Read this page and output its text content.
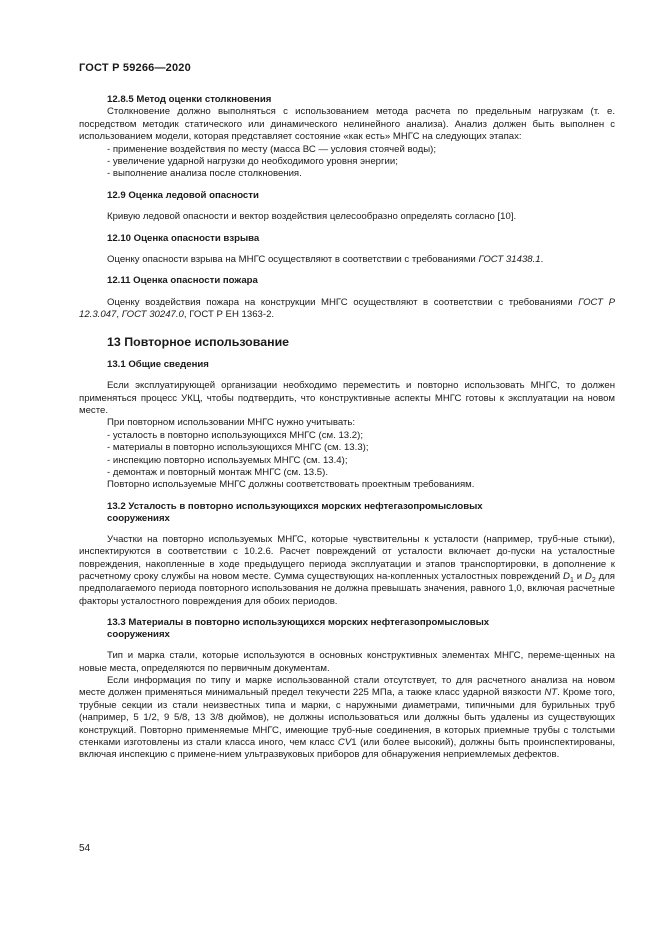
ГОСТ Р 59266—2020

12.8.5 Метод оценки столкновения

Столкновение должно выполняться с использованием метода расчета по предельным нагрузкам (т. е. посредством методик статического или динамического нелинейного анализа). Анализ должен быть выполнен с использованием модели, которая представляет состояние «как есть» МНГС на следующих этапах:

- применение воздействия по месту (масса ВС — условия стоячей воды);

- увеличение ударной нагрузки до необходимого уровня энергии;

- выполнение анализа после столкновения.

12.9 Оценка ледовой опасности

Кривую ледовой опасности и вектор воздействия целесообразно определять согласно [10].

12.10 Оценка опасности взрыва

Оценку опасности взрыва на МНГС осуществляют в соответствии с требованиями ГОСТ 31438.1.

12.11 Оценка опасности пожара

Оценку воздействия пожара на конструкции МНГС осуществляют в соответствии с требованиями ГОСТ Р 12.3.047, ГОСТ 30247.0, ГОСТ Р ЕН 1363-2.

13 Повторное использование

13.1 Общие сведения

Если эксплуатирующей организации необходимо переместить и повторно использовать МНГС, то должен применяться процесс УКЦ, чтобы подтвердить, что конструктивные аспекты МНГС готовы к эксплуатации на новом месте.

При повторном использовании МНГС нужно учитывать:

- усталость в повторно использующихся МНГС (см. 13.2);

- материалы в повторно использующихся МНГС (см. 13.3);

- инспекцию повторно используемых МНГС (см. 13.4);

- демонтаж и повторный монтаж МНГС (см. 13.5).

Повторно используемые МНГС должны соответствовать проектным требованиям.

13.2 Усталость в повторно использующихся морских нефтегазопромысловых
сооружениях

Участки на повторно используемых МНГС, которые чувствительны к усталости (например, труб-ные стыки), инспектируются в соответствии с 10.2.6. Расчет повреждений от усталости включает до-пуски на усталостные повреждения, накопленные в ходе предыдущего периода эксплуатации и этапов транспортировки, в дополнение к расчетному сроку службы на новом месте. Сумма существующих на-копленных усталостных повреждений $D_1$ и $D_2$ для предполагаемого периода повторного использования не должна превышать значения, равного 1,0, включая расчетные факторы усталостного повреждения для обоих периодов.

13.3 Материалы в повторно использующихся морских нефтегазопромысловых
сооружениях

Тип и марка стали, которые используются в основных конструктивных элементах МНГС, переме-щенных на новые места, определяются по первичным документам.

Если информация по типу и марке использованной стали отсутствует, то для расчетного анализа на новом месте должен применяться минимальный предел текучести 225 МПа, а также класс ударной вязкости NT. Кроме того, трубные секции из стали неизвестных типа и марки, с наружными диаметрами, типичными для бурильных труб (например, 5 1/2, 9 5/8, 13 3/8 дюймов), не должны использоваться или должны быть удалены из существующих конструкций. Повторно применяемые МНГС, имеющие труб-ные соединения, в которых приемные трубы с толстыми стенками изготовлены из стали класса иного, чем класс CV1 (или более высокий), должны быть проинспектированы, включая инспекцию с примене-нием ультразвуковых приборов для обнаружения неприемлемых дефектов.

54
